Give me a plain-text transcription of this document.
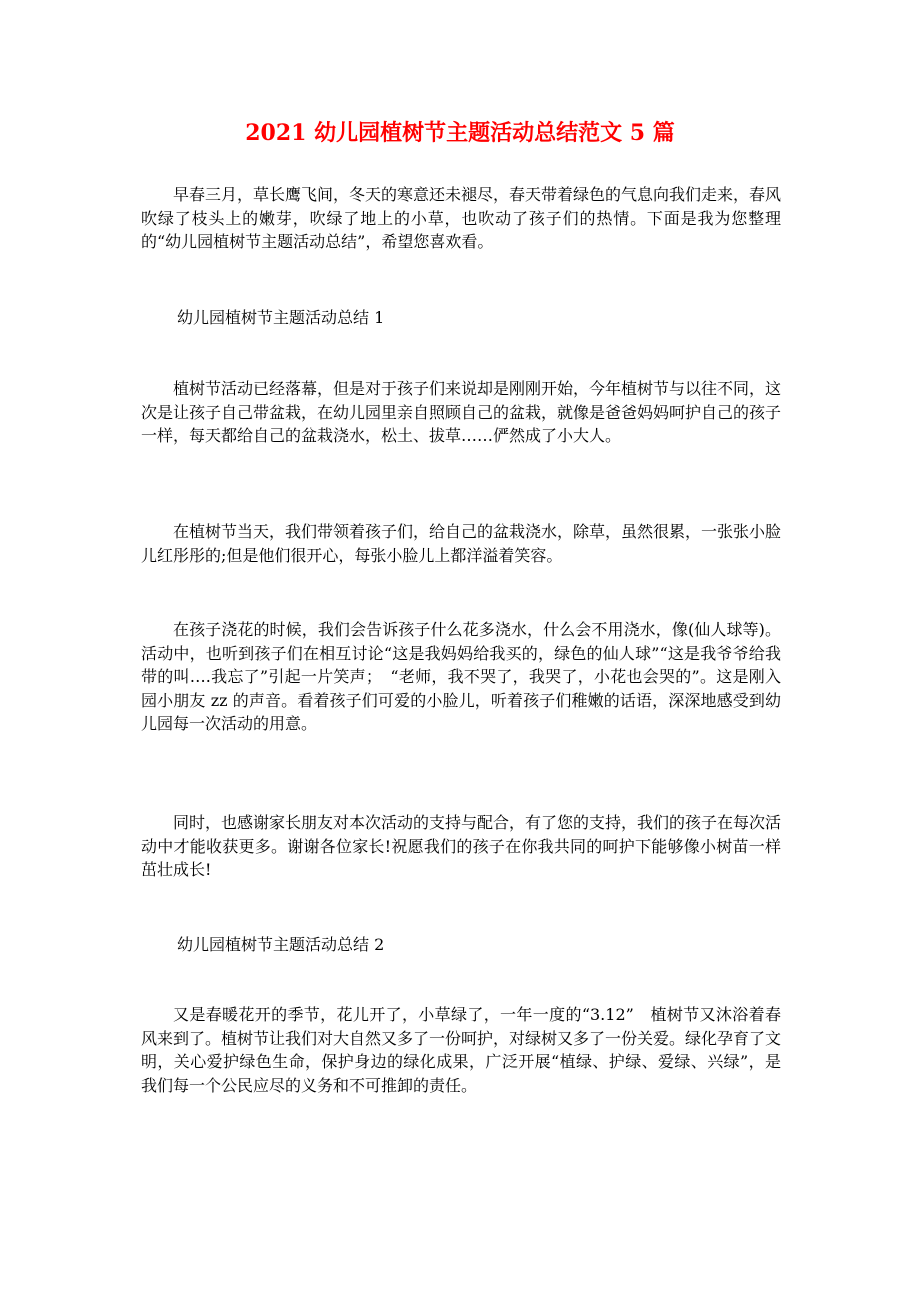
2021 幼儿园植树节主题活动总结范文 5 篇
早春三月，草长鹰飞间，冬天的寒意还未褪尽，春天带着绿色的气息向我们走来，春风吹绿了枝头上的嫩芽，吹绿了地上的小草，也吹动了孩子们的热情。下面是我为您整理的“幼儿园植树节主题活动总结”，希望您喜欢看。
幼儿园植树节主题活动总结 1
植树节活动已经落幕，但是对于孩子们来说却是刚刚开始，今年植树节与以往不同，这次是让孩子自己带盆栽，在幼儿园里亲自照顾自己的盆栽，就像是爸爸妈妈呵护自己的孩子一样，每天都给自己的盆栽浇水，松土、拔草……俨然成了小大人。
在植树节当天，我们带领着孩子们，给自己的盆栽浇水，除草，虽然很累，一张张小脸儿红彤彤的;但是他们很开心，每张小脸儿上都洋溢着笑容。
在孩子浇花的时候，我们会告诉孩子什么花多浇水，什么会不用浇水，像(仙人球等)。活动中，也听到孩子们在相互讨论“这是我妈妈给我买的，绿色的仙人球”“这是我爷爷给我带的叫….我忘了”引起一片笑声；　“老师，我不哭了，我哭了，小花也会哭的”。这是刚入园小朋友 zz 的声音。看着孩子们可爱的小脸儿，听着孩子们稚嫩的话语，深深地感受到幼儿园每一次活动的用意。
同时，也感谢家长朋友对本次活动的支持与配合，有了您的支持，我们的孩子在每次活动中才能收获更多。谢谢各位家长!祝愿我们的孩子在你我共同的呵护下能够像小树苗一样茁壮成长!
幼儿园植树节主题活动总结 2
又是春暖花开的季节，花儿开了，小草绿了，一年一度的“3.12”　植树节又沐浴着春风来到了。植树节让我们对大自然又多了一份呵护，对绿树又多了一份关爱。绿化孕育了文明，关心爱护绿色生命，保护身边的绿化成果，广泛开展“植绿、护绿、爱绿、兴绿”，是我们每一个公民应尽的义务和不可推卸的责任。
